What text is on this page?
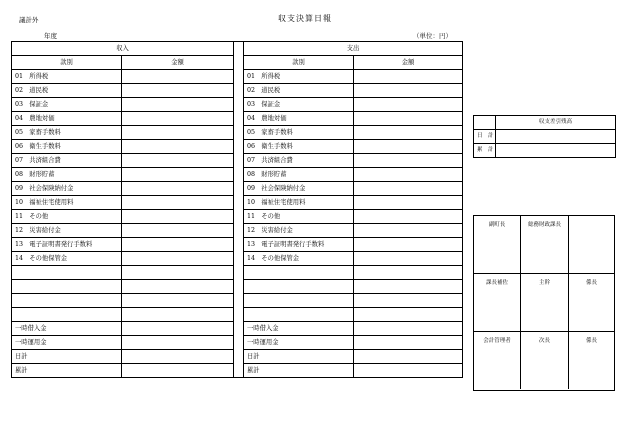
議計外	収支決算日報
年度	（単位：円）
収入			支出	
款別	金額		款別	金額
01　所得税			01　所得税	
02　道民税			02　道民税	
03　保証金			03　保証金	
04　農地対価			04　農地対価	
05　家畜手数料			05　家畜手数料	
06　衛生手数料			06　衛生手数料	
07　共済組合費			07　共済組合費	
08　財形貯蓄			08　財形貯蓄	
09　社会保険納付金			09　社会保険納付金	
10　福祉住宅使用料			10　福祉住宅使用料	
11　その他			11　その他	
12　災害給付金			12　災害給付金	
13　電子証明書発行手数料			13　電子証明書発行手数料	
14　その他保管金			14　その他保管金	

一時借入金			一時借入金	
一時運用金			一時運用金	
日計			日計	
累計			累計	
	収支差引残高
日　計	
累　計	
副町長	総務財政課長
課長補佐	主幹	係長
会計管理者	次長	係長
